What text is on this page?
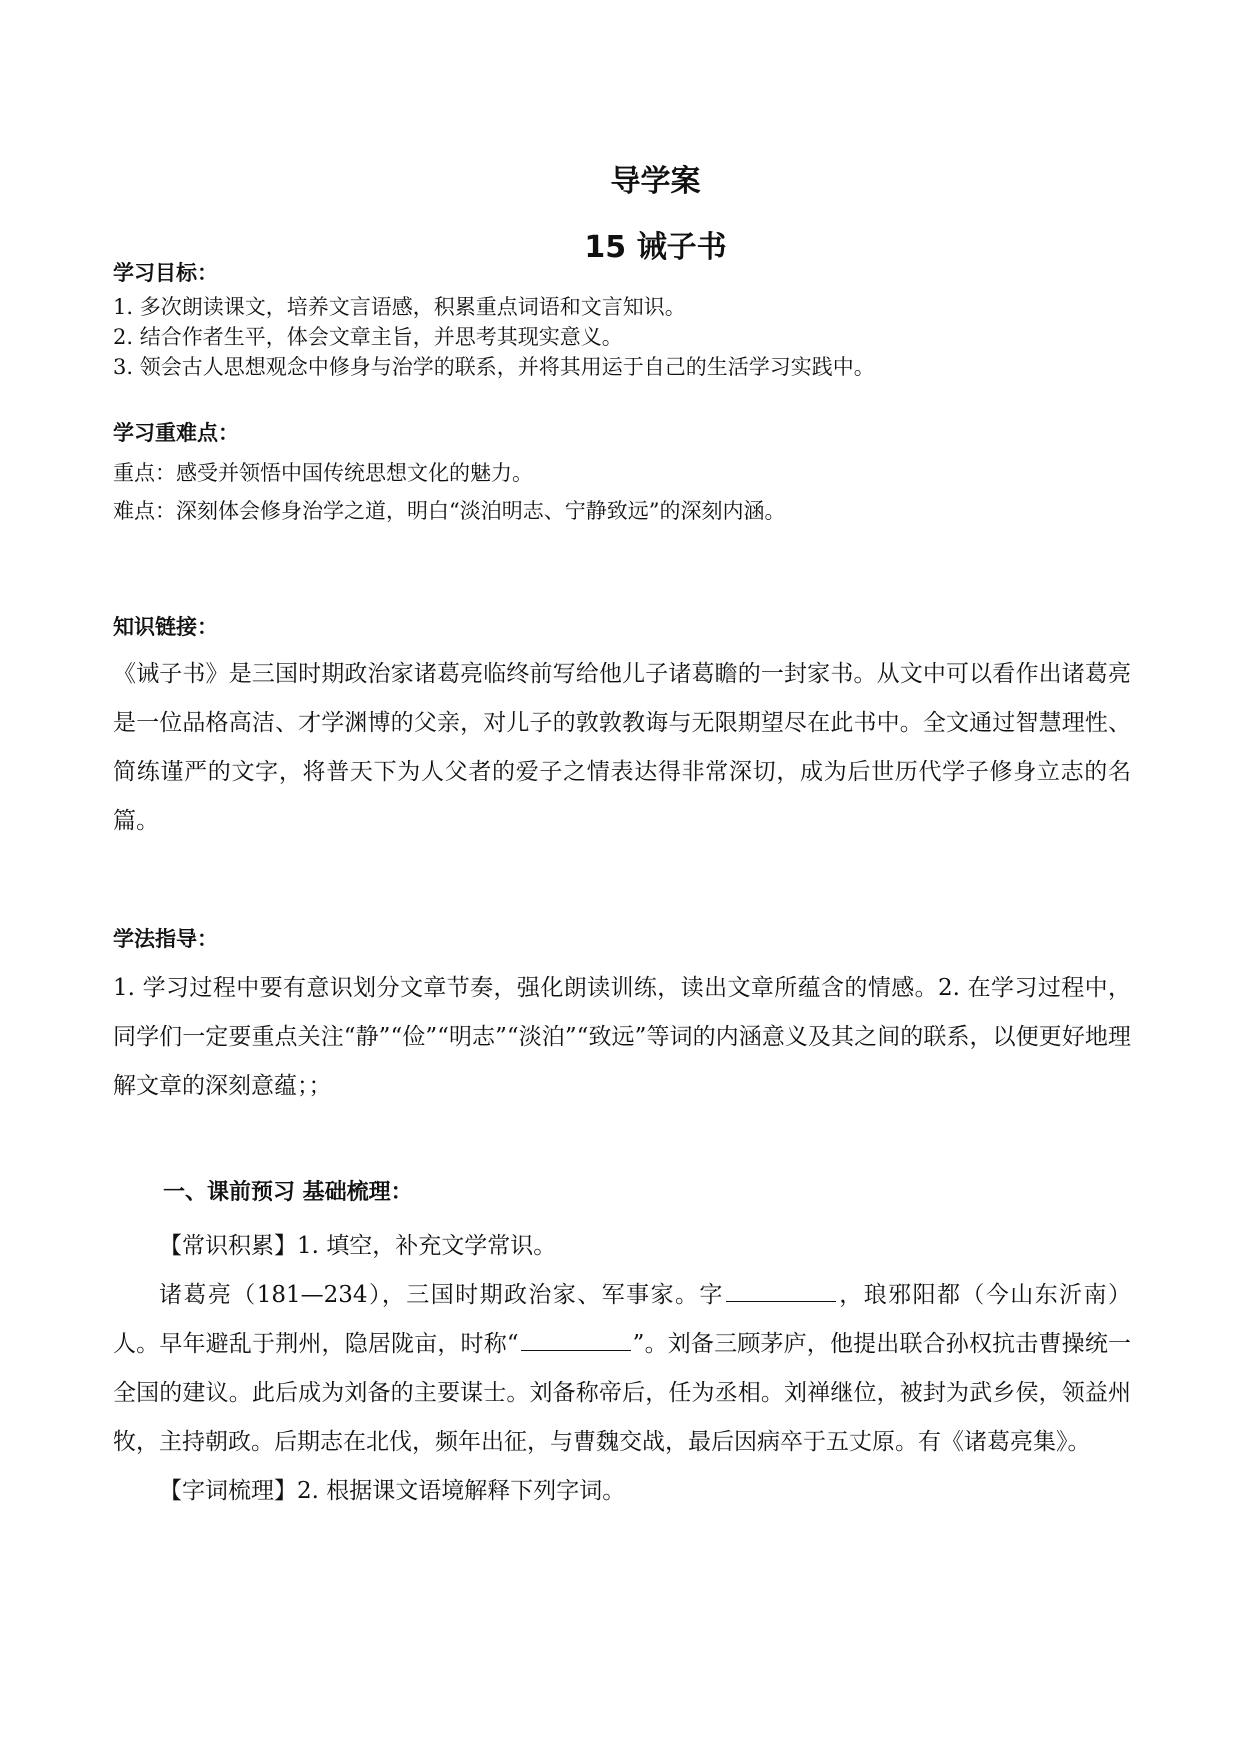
导学案
15 诫子书
学习目标：
1. 多次朗读课文，培养文言语感，积累重点词语和文言知识。
2. 结合作者生平，体会文章主旨，并思考其现实意义。
3. 领会古人思想观念中修身与治学的联系，并将其用运于自己的生活学习实践中。
学习重难点：
重点：感受并领悟中国传统思想文化的魅力。
难点：深刻体会修身治学之道，明白“淡泊明志、宁静致远”的深刻内涵。
知识链接：
《诫子书》是三国时期政治家诸葛亮临终前写给他儿子诸葛瞻的一封家书。从文中可以看作出诸葛亮是一位品格高洁、才学渊博的父亲，对儿子的敦敦教诲与无限期望尽在此书中。全文通过智慧理性、简练谨严的文字，将普天下为人父者的爱子之情表达得非常深切，成为后世历代学子修身立志的名篇。
学法指导：
1. 学习过程中要有意识划分文章节奏，强化朗读训练，读出文章所蕴含的情感。2. 在学习过程中，同学们一定要重点关注“静”“俭”“明志”“淡泊”“致远”等词的内涵意义及其之间的联系，以便更好地理解文章的深刻意蕴；；
一、课前预习 基础梳理：
【常识积累】1. 填空，补充文学常识。
诸葛亮（181—234），三国时期政治家、军事家。字	，琅邪阳都（今山东沂南）人。早年避乱于荆州，隐居陇亩，时称“	”。刘备三顾茅庐，他提出联合孙权抗击曹操统一全国的建议。此后成为刘备的主要谋士。刘备称帝后，任为丞相。刘禅继位，被封为武乡侯，领益州牧，主持朝政。后期志在北伐，频年出征，与曹魏交战，最后因病卒于五丈原。有《诸葛亮集》。
【字词梳理】2. 根据课文语境解释下列字词。
